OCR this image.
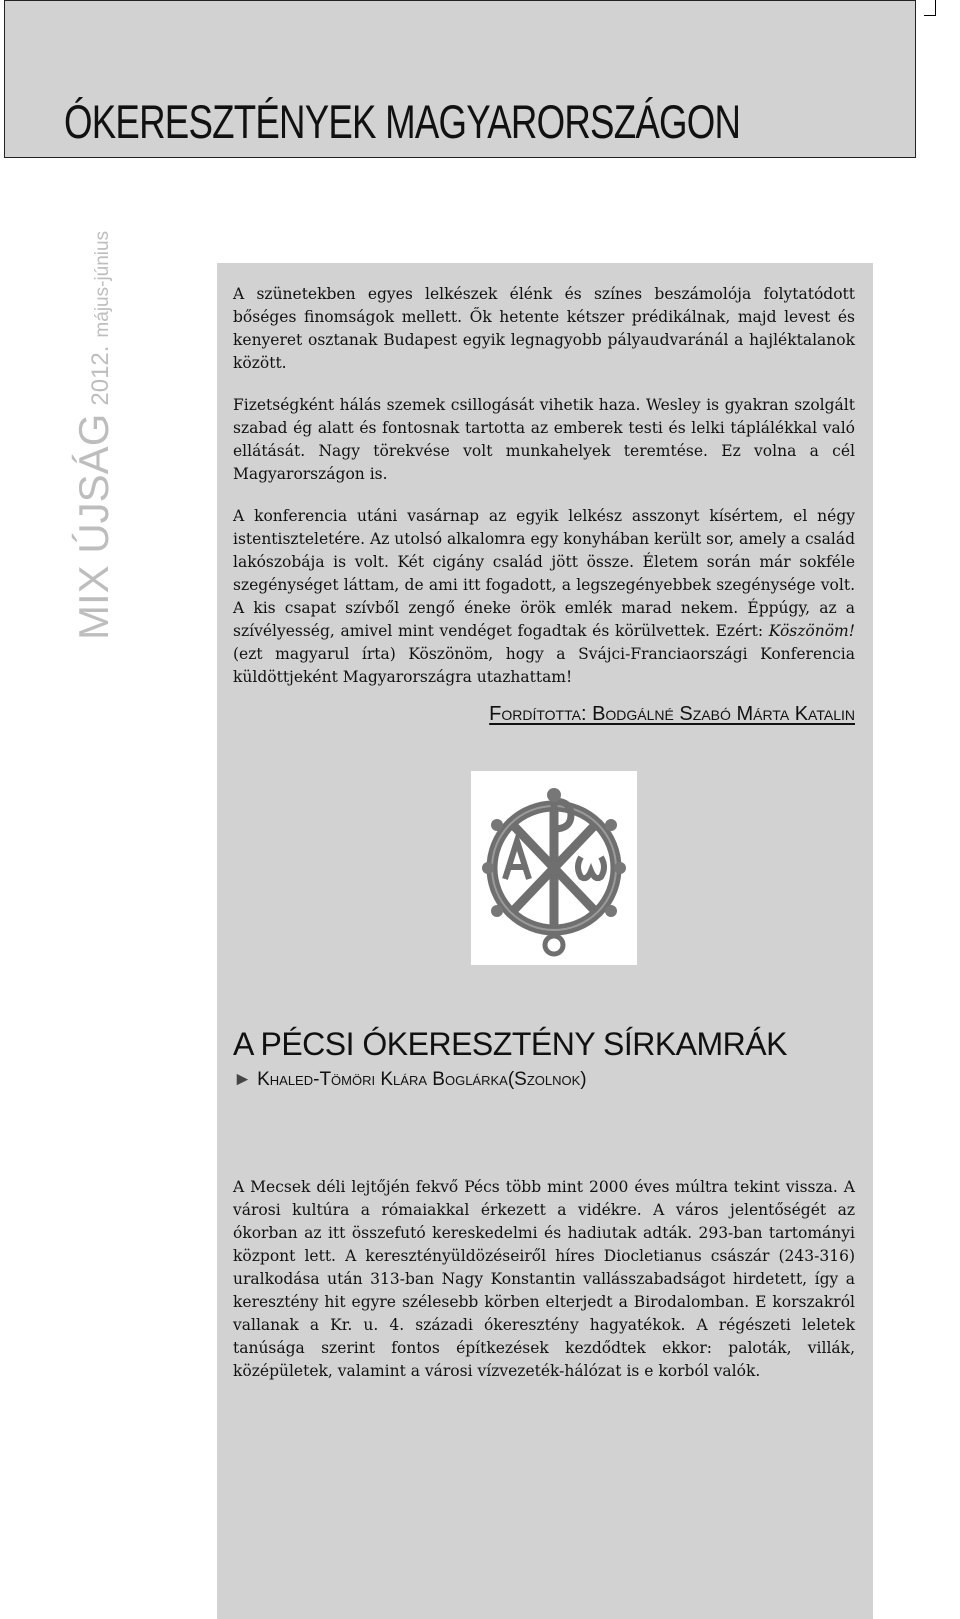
ÓKERESZTÉNYEK MAGYARORSZÁGON
MIX ÚJSÁG2012.május-június	A szünetekben egyes lelkészek élénk és színes beszámolója folytatódott bőséges finomságok mellett. Ők hetente kétszer prédikálnak, majd levest és kenyeret osztanak Budapest egyik legnagyobb pályaudvaránál a hajléktalanok között.

Fizetségként hálás szemek csillogását vihetik haza. Wesley is gyakran szolgált szabad ég alatt és fontosnak tartotta az emberek testi és lelki táplálékkal való ellátását. Nagy törekvése volt munkahelyek teremtése. Ez volna a cél Magyarországon is.

A konferencia utáni vasárnap az egyik lelkész asszonyt kísértem, el négy istentiszteletére. Az utolsó alkalomra egy konyhában került sor, amely a család lakószobája is volt. Két cigány család jött össze. Életem során már sokféle szegénységet láttam, de ami itt fogadott, a legszegényebbek szegénysége volt. A kis csapat szívből zengő éneke örök emlék marad nekem. Éppúgy, az a szívélyesség, amivel mint vendéget fogadtak és körülvettek. Ezért: Köszönöm! (ezt magyarul írta) Köszönöm, hogy a Svájci-Franciaországi Konferencia küldöttjeként Magyarországra utazhattam!

Fordította: Bodgálné Szabó Márta Katalin
A PÉCSI ÓKERESZTÉNY SÍRKAMRÁK
► Khaled-Tömöri Klára Boglárka(Szolnok)

A Mecsek déli lejtőjén fekvő Pécs több mint 2000 éves múltra tekint vissza. A városi kultúra a rómaiakkal érkezett a vidékre. A város jelentőségét az ókorban az itt összefutó kereskedelmi és hadiutak adták. 293-ban tartományi központ lett. A keresztényüldözéseiről híres Diocletianus császár (243-316) uralkodása után 313-ban Nagy Konstantin vallásszabadságot hirdetett, így a keresztény hit egyre szélesebb körben elterjedt a Birodalomban. E korszakról vallanak a Kr. u. 4. századi ókeresztény hagyatékok. A régészeti leletek tanúsága szerint fontos építkezések kezdődtek ekkor: paloták, villák, középületek, valamint a városi vízvezeték-hálózat is e korból valók.
